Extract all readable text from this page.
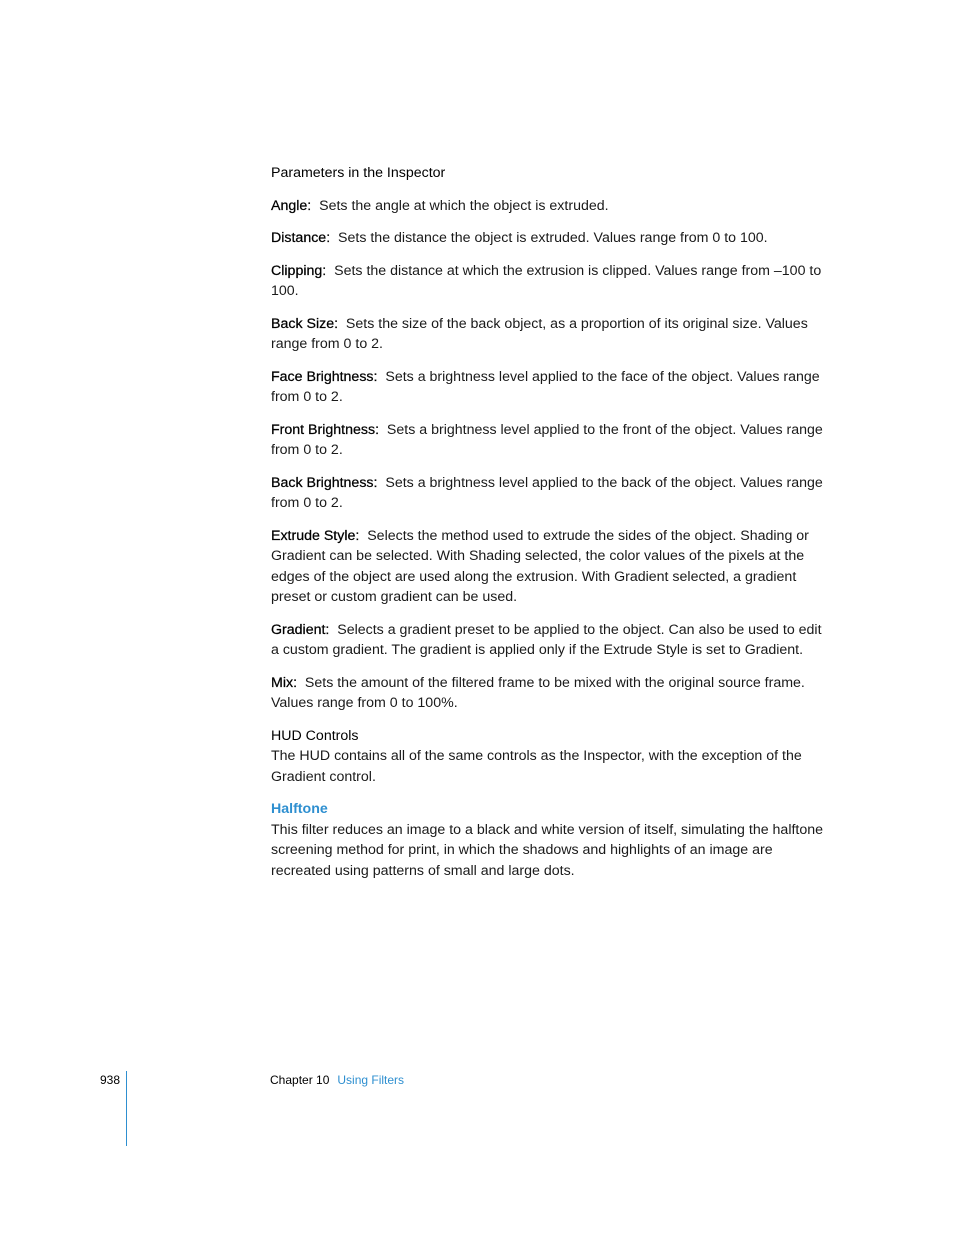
Parameters in the Inspector

Angle: Sets the angle at which the object is extruded.

Distance: Sets the distance the object is extruded. Values range from 0 to 100.

Clipping: Sets the distance at which the extrusion is clipped. Values range from –100 to 100.

Back Size: Sets the size of the back object, as a proportion of its original size. Values range from 0 to 2.

Face Brightness: Sets a brightness level applied to the face of the object. Values range from 0 to 2.

Front Brightness: Sets a brightness level applied to the front of the object. Values range from 0 to 2.

Back Brightness: Sets a brightness level applied to the back of the object. Values range from 0 to 2.

Extrude Style: Selects the method used to extrude the sides of the object. Shading or Gradient can be selected. With Shading selected, the color values of the pixels at the edges of the object are used along the extrusion. With Gradient selected, a gradient preset or custom gradient can be used.

Gradient: Selects a gradient preset to be applied to the object. Can also be used to edit a custom gradient. The gradient is applied only if the Extrude Style is set to Gradient.

Mix: Sets the amount of the filtered frame to be mixed with the original source frame. Values range from 0 to 100%.

HUD Controls

The HUD contains all of the same controls as the Inspector, with the exception of the Gradient control.

Halftone

This filter reduces an image to a black and white version of itself, simulating the halftone screening method for print, in which the shadows and highlights of an image are recreated using patterns of small and large dots.

938	Chapter 10 Using Filters
